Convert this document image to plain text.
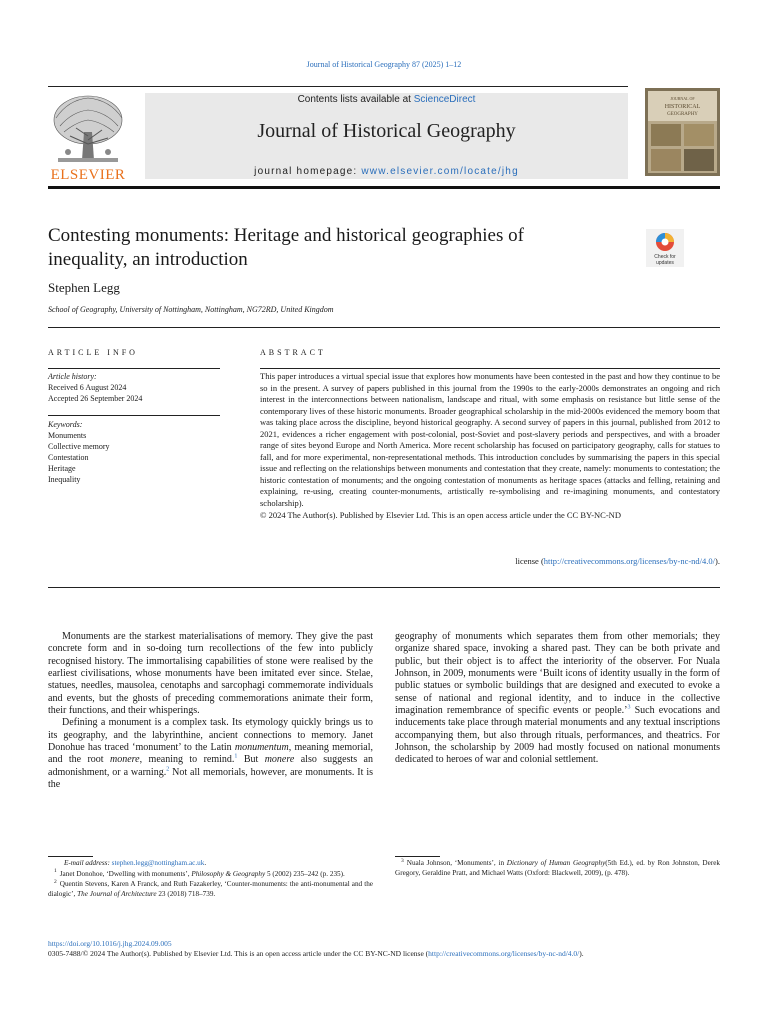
Journal of Historical Geography 87 (2025) 1–12
ELSEVIER
Contents lists available at ScienceDirect
Journal of Historical Geography
journal homepage: www.elsevier.com/locate/jhg
JOURNAL OF
HISTORICAL
GEOGRAPHY
Contesting monuments: Heritage and historical geographies of inequality, an introduction	Check for
updates
Stephen Legg
School of Geography, University of Nottingham, Nottingham, NG72RD, United Kingdom
ARTICLE INFO
Article history:
Received 6 August 2024
Accepted 26 September 2024
Keywords:
Monuments
Collective memory
Contestation
Heritage
Inequality
ABSTRACT
This paper introduces a virtual special issue that explores how monuments have been contested in the past and how they continue to be so in the present. A survey of papers published in this journal from the 1990s to the early-2000s demonstrates an ongoing and rich interest in the interconnections between nationalism, landscape and ritual, with some emphasis on resistance but little sense of the contemporary lives of these historic monuments. Broader geographical scholarship in the mid-2000s evidenced the memory boom that was taking place across the discipline, beyond historical geography. A second survey of papers in this journal, published from 2012 to 2021, evidences a richer engagement with post-colonial, post-Soviet and post-slavery periods and perspectives, and with a broader range of sites beyond Europe and North America. More recent scholarship has focused on participatory geography, calls for statues to fall, and for more experimental, non-representational methods. This introduction concludes by summarising the papers in this special issue and reflecting on the relationships between monuments and contestation that they create, namely: monuments to contestation; the historic contestation of monuments; and the ongoing contestation of monuments as heritage spaces (attacks and felling, retaining and explaining, re-using, creating counter-monuments, artistically re-symbolising and re-imagining monuments, and contestatory scholarship).
© 2024 The Author(s). Published by Elsevier Ltd. This is an open access article under the CC BY-NC-ND
license (http://creativecommons.org/licenses/by-nc-nd/4.0/).

Monuments are the starkest materialisations of memory. They give the past concrete form and in so-doing turn recollections of the few into publicly recognised history. The immortalising capabilities of stone were realised by the earliest civilisations, whose monuments have been imitated ever since. Stelae, statues, needles, mausolea, cenotaphs and sarcophagi commemorate individuals and events, but the ghosts of preceding commemorations animate their form, their functions, and their whisperings.

Defining a monument is a complex task. Its etymology quickly brings us to its geography, and the labyrinthine, ancient connections to memory. Janet Donohue has traced ‘monument’ to the Latin monumentum, meaning memorial, and the root monere, meaning to remind.$^1$ But monere also suggests an admonishment, or a warning.$^2$ Not all memorials, however, are monuments. It is the

geography of monuments which separates them from other memorials; they organize shared space, invoking a shared past. They can be both private and public, but their object is to affect the interiority of the observer. For Nuala Johnson, in 2009, monuments were ‘Built icons of identity usually in the form of public statues or symbolic buildings that are designed and executed to evoke a sense of national and regional identity, and to induce in the collective imagination remembrance of specific events or people.’$^3$ Such evocations and inducements take place through material monuments and any textual inscriptions accompanying them, but also through rituals, performances, and theatrics. For Johnson, the scholarship by 2009 had mostly focused on national monuments dedicated to heroes of war and colonial settlement.

E-mail address: stephen.legg@nottingham.ac.uk.

$^1$ Janet Donohoe, ‘Dwelling with monuments’, Philosophy & Geography 5 (2002) 235–242 (p. 235).

$^2$ Quentin Stevens, Karen A Franck, and Ruth Fazakerley, ‘Counter-monuments: the anti-monumental and the dialogic’, The Journal of Architecture 23 (2018) 718–739.

$^3$ Nuala Johnson, ‘Monuments’, in Dictionary of Human Geography(5th Ed.), ed. by Ron Johnston, Derek Gregory, Geraldine Pratt, and Michael Watts (Oxford: Blackwell, 2009), (p. 478).

https://doi.org/10.1016/j.jhg.2024.09.005
0305-7488/© 2024 The Author(s). Published by Elsevier Ltd. This is an open access article under the CC BY-NC-ND license (http://creativecommons.org/licenses/by-nc-nd/4.0/).
